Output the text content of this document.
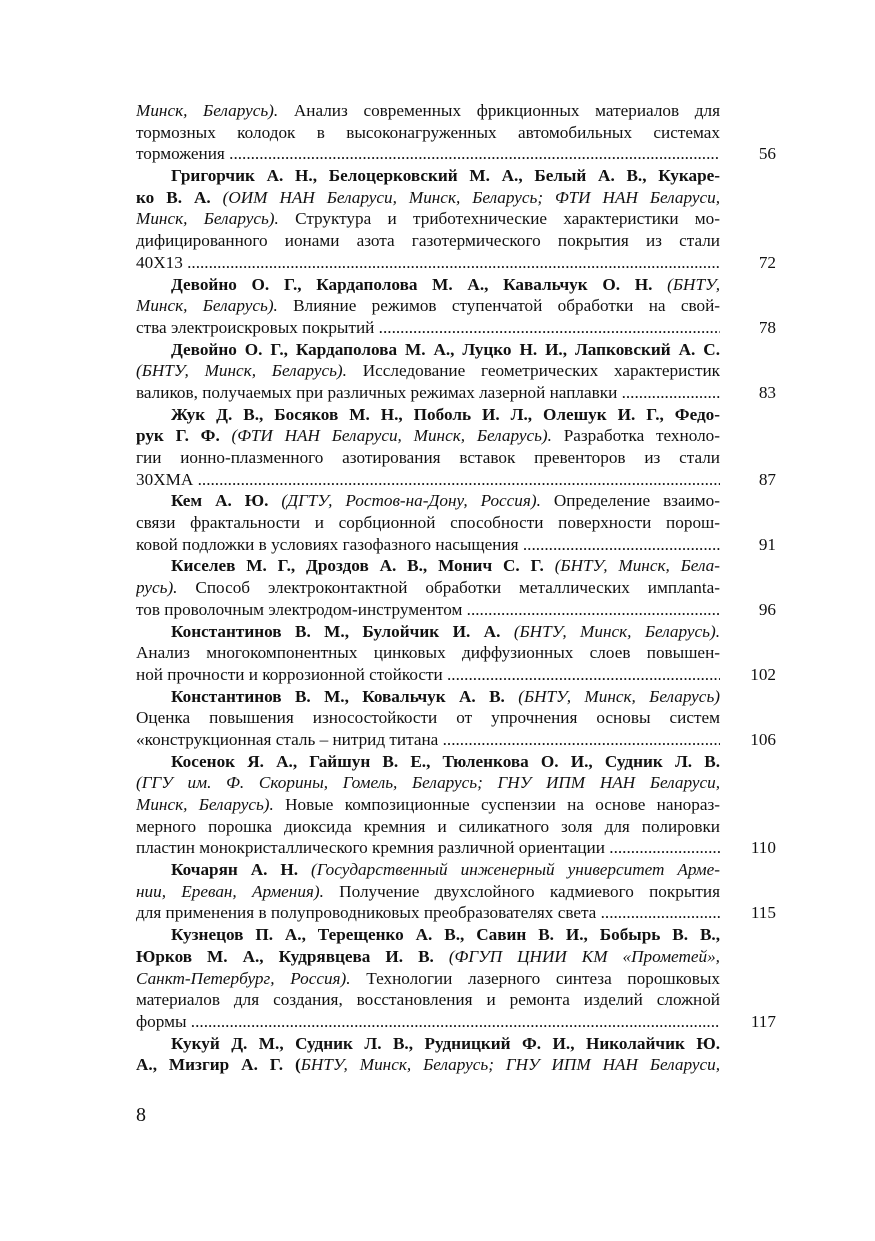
Минск, Беларусь). Анализ современных фрикционных материалов для
тормозных колодок в высоконагруженных автомобильных системах
торможения .....	56
Григорчик А. Н., Белоцерковский М. А., Белый А. В., Кукаре-
ко В. А. (ОИМ НАН Беларуси, Минск, Беларусь; ФТИ НАН Беларуси,
Минск, Беларусь). Структура и триботехнические характеристики мо-
дифицированного ионами азота газотермического покрытия из стали
40Х13 .....	72
Девойно О. Г., Кардаполова М. А., Кавальчук О. Н. (БНТУ,
Минск, Беларусь). Влияние режимов ступенчатой обработки на свой-
ства электроискровых покрытий .....	78
Девойно О. Г., Кардаполова М. А., Луцко Н. И., Лапковский А. С.
(БНТУ, Минск, Беларусь). Исследование геометрических характеристик
валиков, получаемых при различных режимах лазерной наплавки .....	83
Жук Д. В., Босяков М. Н., Поболь И. Л., Олешук И. Г., Федо-
рук Г. Ф. (ФТИ НАН Беларуси, Минск, Беларусь). Разработка техноло-
гии ионно-плазменного азотирования вставок превенторов из стали
30ХМА .....	87
Кем А. Ю. (ДГТУ, Ростов-на-Дону, Россия). Определение взаимо-
связи фрактальности и сорбционной способности поверхности порош-
ковой подложки в условиях газофазного насыщения .....	91
Киселев М. Г., Дроздов А. В., Монич С. Г. (БНТУ, Минск, Бела-
русь). Способ электроконтактной обработки металлических имплanta-
тов проволочным электродом-инструментом .....	96
Константинов В. М., Булойчик И. А. (БНТУ, Минск, Беларусь).
Анализ многокомпонентных цинковых диффузионных слоев повышен-
ной прочности и коррозионной стойкости .....	102
Константинов В. М., Ковальчук А. В. (БНТУ, Минск, Беларусь)
Оценка повышения износостойкости от упрочнения основы систем
«конструкционная сталь – нитрид титана .....	106
Косенок Я. А., Гайшун В. Е., Тюленкова О. И., Судник Л. В.
(ГГУ им. Ф. Скорины, Гомель, Беларусь; ГНУ ИПМ НАН Беларуси,
Минск, Беларусь). Новые композиционные суспензии на основе нанораз-
мерного порошка диоксида кремния и силикатного золя для полировки
пластин монокристаллического кремния различной ориентации .....	110
Кочарян А. Н. (Государственный инженерный университет Арме-
нии, Ереван, Армения). Получение двухслойного кадмиевого покрытия
для применения в полупроводниковых преобразователях света .....	115
Кузнецов П. А., Терещенко А. В., Савин В. И., Бобырь В. В.,
Юрков М. А., Кудрявцева И. В. (ФГУП ЦНИИ КМ «Прометей»,
Санкт-Петербург, Россия). Технологии лазерного синтеза порошковых
материалов для создания, восстановления и ремонта изделий сложной
формы .....	117
Кукуй Д. М., Судник Л. В., Рудницкий Ф. И., Николайчик Ю.
А., Мизгир А. Г. (БНТУ, Минск, Беларусь; ГНУ ИПМ НАН Беларуси,
8
